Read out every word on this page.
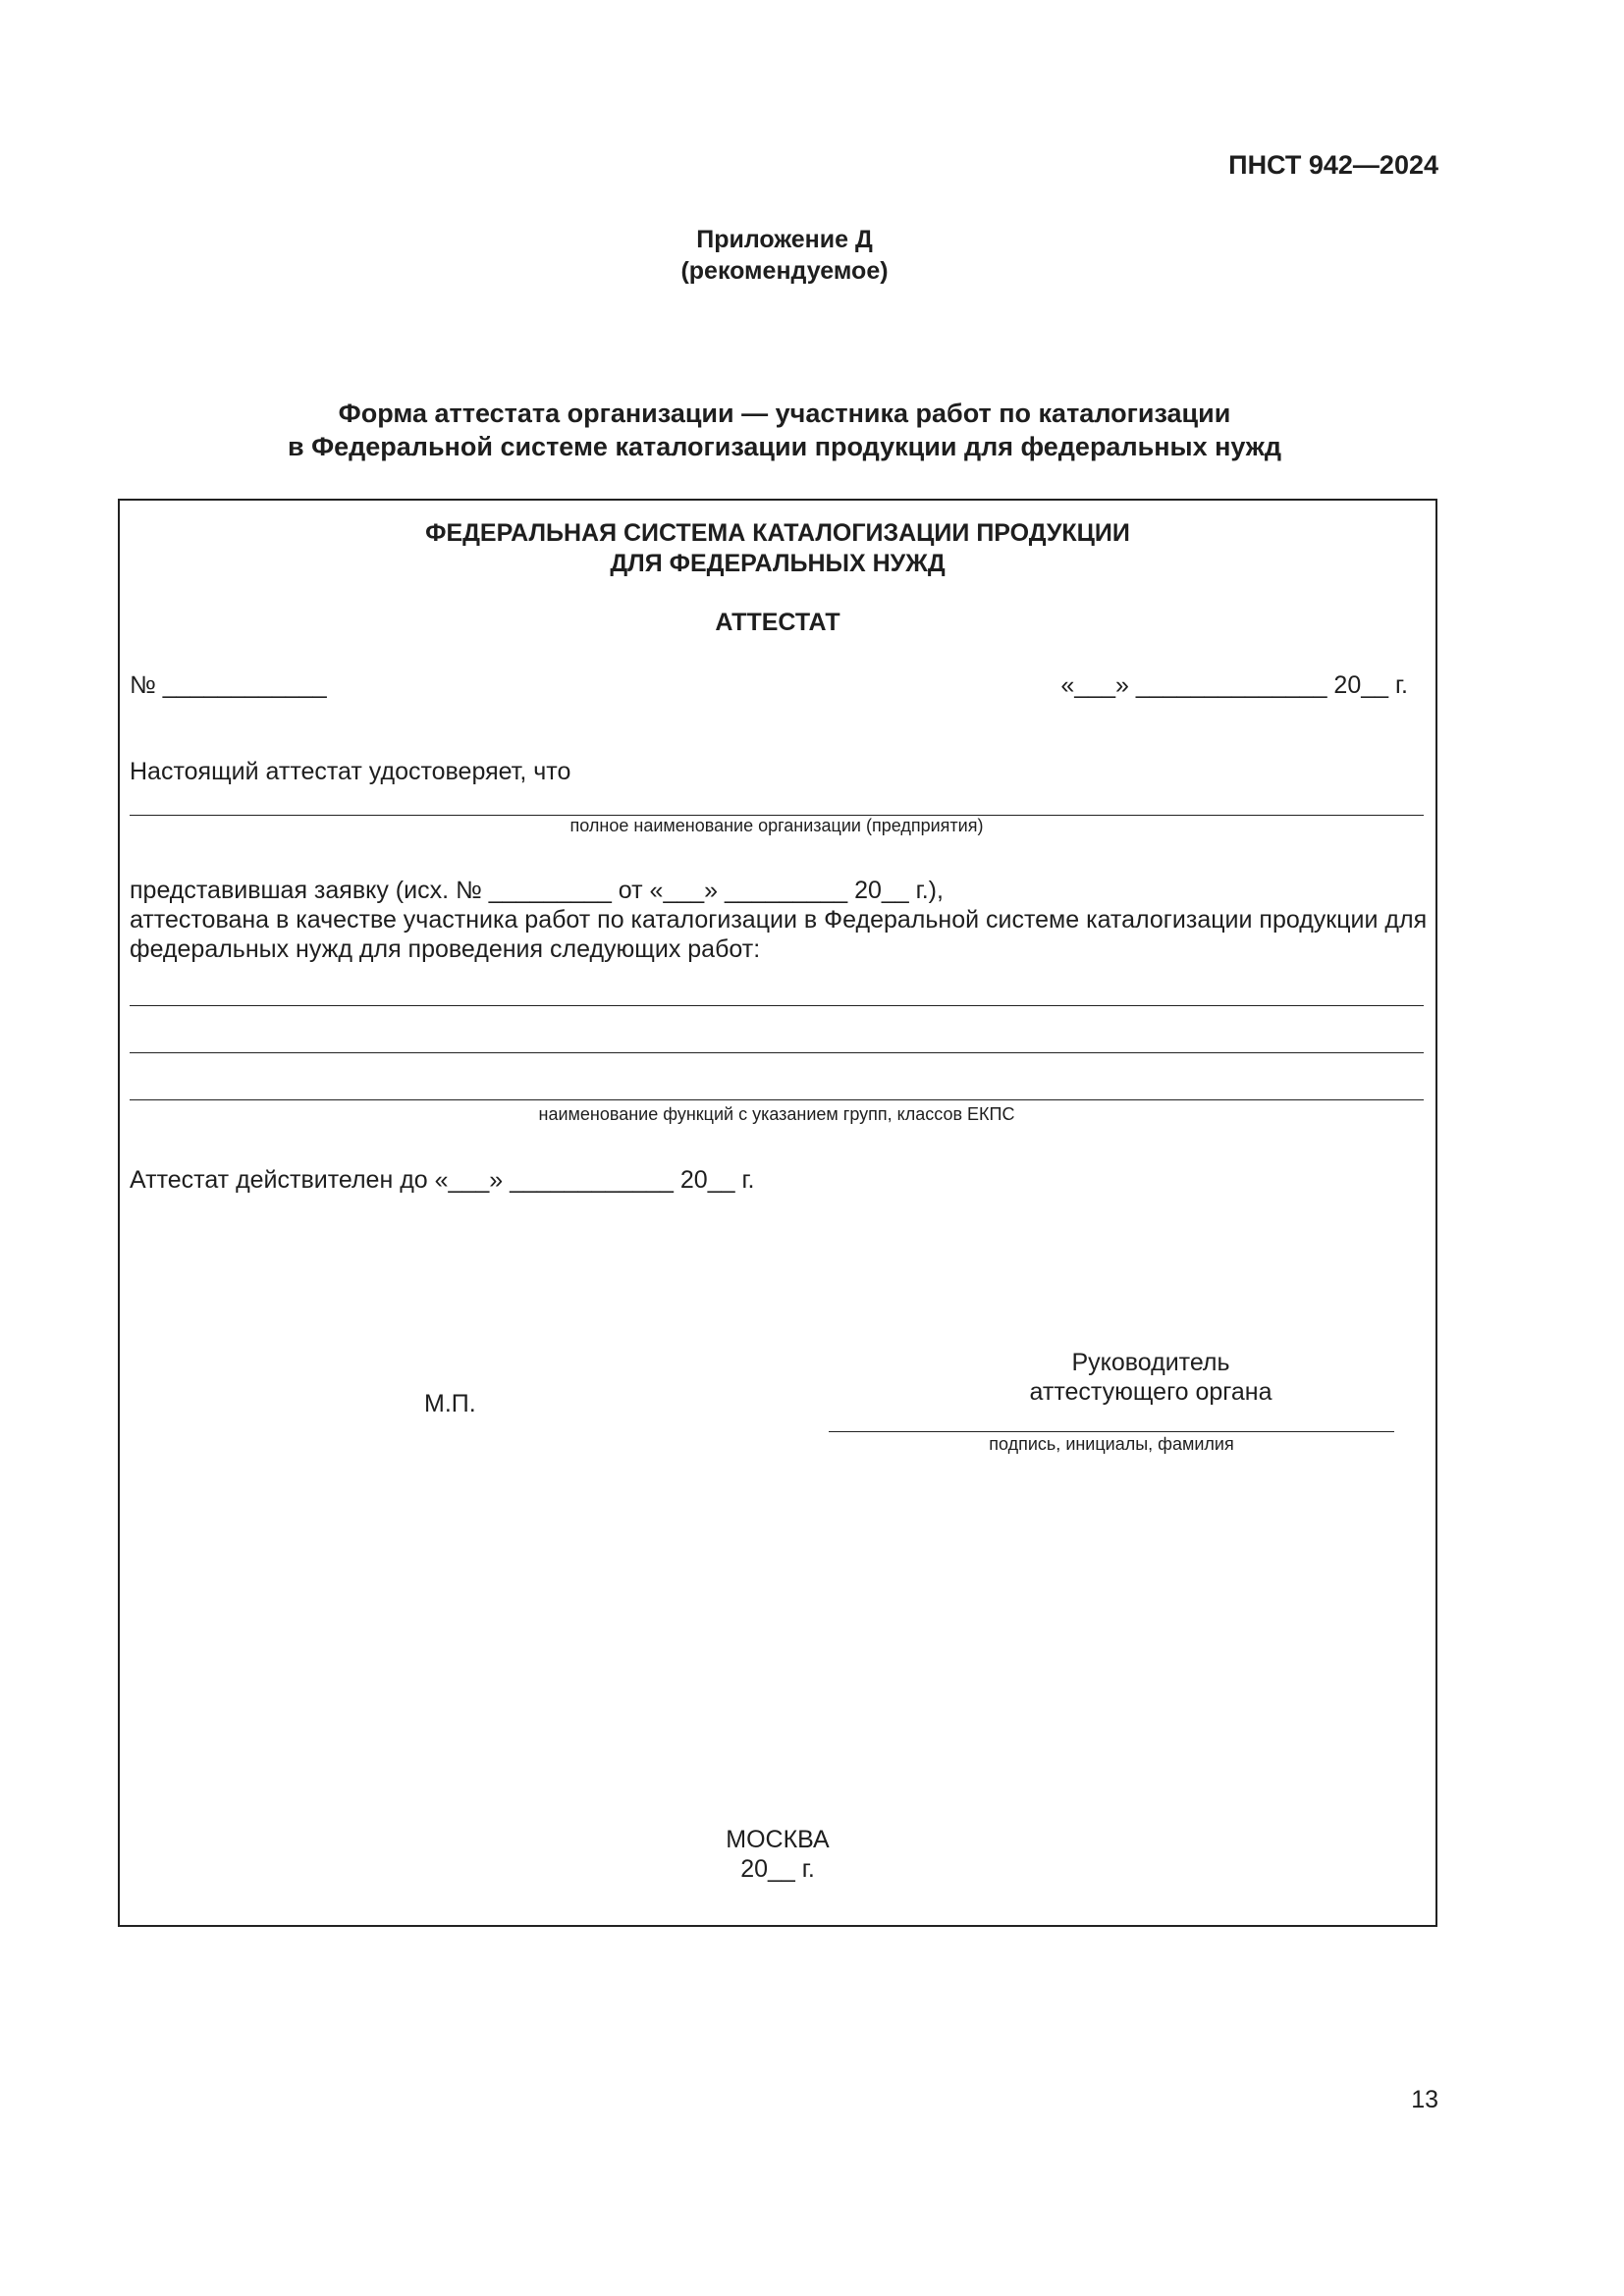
ПНСТ 942—2024
Приложение Д
(рекомендуемое)
Форма аттестата организации — участника работ по каталогизации
в Федеральной системе каталогизации продукции для федеральных нужд
ФЕДЕРАЛЬНАЯ СИСТЕМА КАТАЛОГИЗАЦИИ ПРОДУКЦИИ
ДЛЯ ФЕДЕРАЛЬНЫХ НУЖД
АТТЕСТАТ
№ ____________	«___» ______________ 20__ г.
Настоящий аттестат удостоверяет, что
полное наименование организации (предприятия)
представившая заявку (исх. № _________ от «___» _________ 20__ г.),
аттестована в качестве участника работ по каталогизации в Федеральной системе каталогизации продукции для
федеральных нужд для проведения следующих работ:
наименование функций с указанием групп, классов ЕКПС
Аттестат действителен до «___» ____________ 20__ г.
Руководитель
аттестующего органа
М.П.
подпись, инициалы, фамилия
МОСКВА
20__ г.
13
